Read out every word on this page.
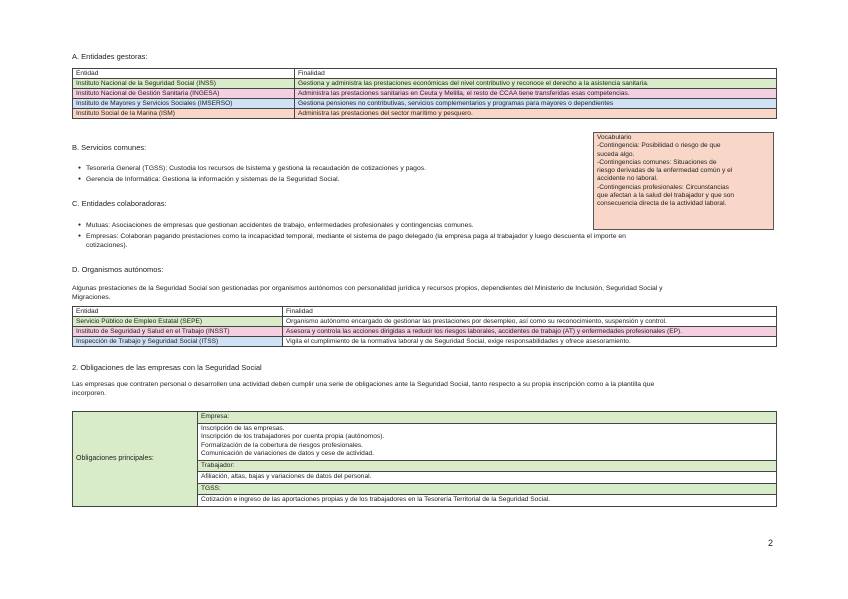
A. Entidades gestoras:
Entidad	Finalidad
Instituto Nacional de la Seguridad Social (INSS)	Gestiona y administra las prestaciones económicas del nivel contributivo y reconoce el derecho a la asistencia sanitaria.
Instituto Nacional de Gestión Sanitaria (INGESA)	Administra las prestaciones sanitarias en Ceuta y Melilla, el resto de CCAA tiene transferidas esas competencias.
Instituto de Mayores y Servicios Sociales (IMSERSO)	Gestiona pensiones no contributivas, servicios complementarios y programas para mayores o dependientes
Instituto Social de la Marina (ISM)	Administra las prestaciones del sector marítimo y pesquero.
Vocabulario
-Contingencia: Posibilidad o riesgo de que
suceda algo.
-Contingencias comunes: Situaciones de
riesgo derivadas de la enfermedad común y el
accidente no laboral.
-Contingencias profesionales: Circunstancias
que afectan a la salud del trabajador y que son
consecuencia directa de la actividad laboral.
B. Servicios comunes:
● Tesorería General (TGSS): Custodia los recursos de lsistema y gestiona la recaudación de cotizaciones y pagos.
● Gerencia de Informática: Gestiona la información y sistemas de la Seguridad Social.
C. Entidades colaboradoras:
● Mutuas: Asociaciones de empresas que gestionan accidentes de trabajo, enfermedades profesionales y contingencias comunes.
● Empresas: Colaboran pagando prestaciones como la incapacidad temporal, mediante el sistema de pago delegado (la empresa paga al trabajador y luego descuenta el importe en
cotizaciones).
D. Organismos autónomos:
Algunas prestaciones de la Seguridad Social son gestionadas por organismos autónomos con personalidad jurídica y recursos propios, dependientes del Ministerio de Inclusión, Seguridad Social y
Migraciones.
Entidad	Finalidad
Servicio Público de Empleo Estatal (SEPE)	Organismo autónomo encargado de gestionar las prestaciones por desempleo, así como su reconocimiento, suspensión y control.
Instituto de Seguridad y Salud en el Trabajo (INSST)	Asesora y controla las acciones dirigidas a reducir los riesgos laborales, accidentes de trabajo (AT) y enfermedades profesionales (EP).
Inspección de Trabajo y Seguridad Social (ITSS)	Vigila el cumplimiento de la normativa laboral y de Seguridad Social, exige responsabilidades y ofrece asesoramiento.
2. Obligaciones de las empresas con la Seguridad Social
Las empresas que contraten personal o desarrollen una actividad deben cumplir una serie de obligaciones ante la Seguridad Social, tanto respecto a su propia inscripción como a la plantilla que
incorporen.
Obligaciones principales:	Empresa:

Inscripción de las empresas.
Inscripción de los trabajadores por cuenta propia (autónomos).
Formalización de la cobertura de riesgos profesionales.
Comunicación de variaciones de datos y cese de actividad.

Trabajador:

Afiliación, altas, bajas y variaciones de datos del personal.

TGSS:

Cotización e ingreso de las aportaciones propias y de los trabajadores en la Tesorería Territorial de la Seguridad Social.
2
